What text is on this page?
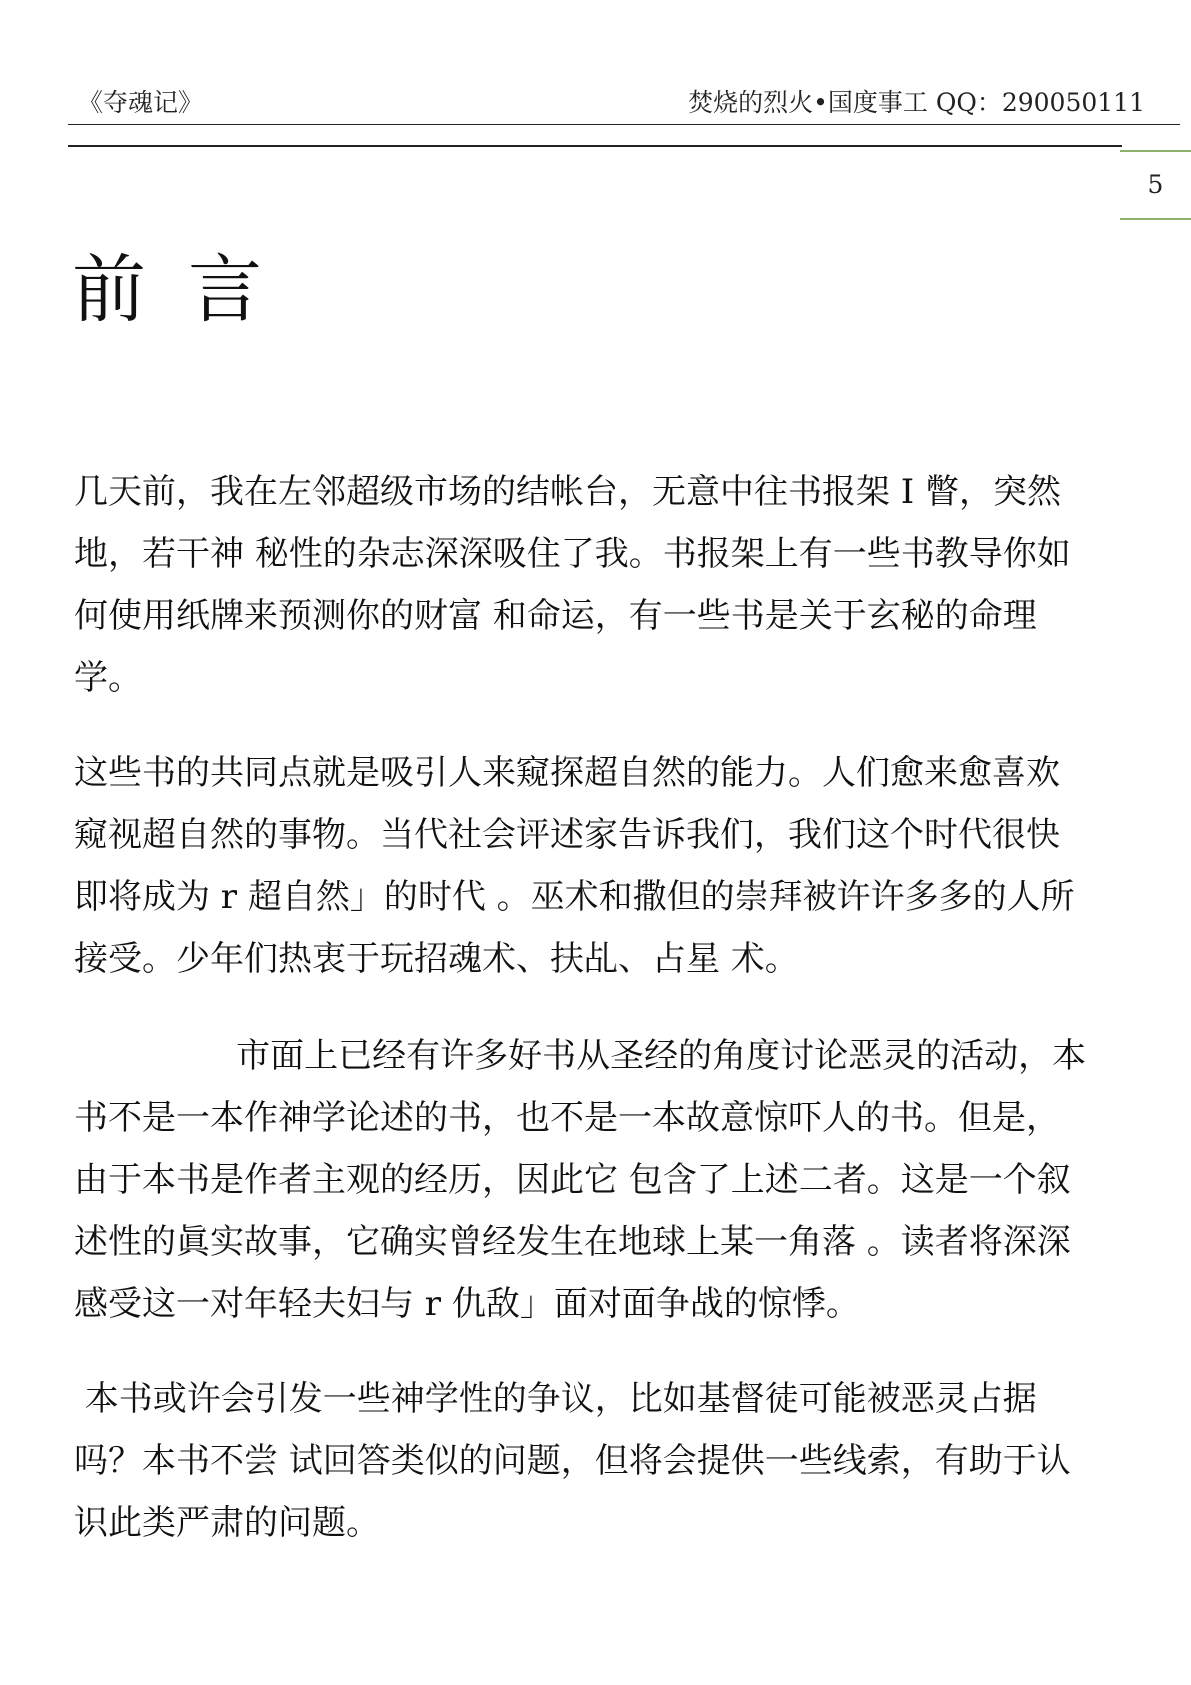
《夺魂记》	焚烧的烈火•国度事工 QQ：290050111
5
前言
几天前，我在左邻超级市场的结帐台，无意中往书报架 I 瞥，突然
地，若干神 秘性的杂志深深吸住了我。书报架上有一些书教导你如
何使用纸牌来预测你的财富 和命运，有一些书是关于玄秘的命理
学。
这些书的共同点就是吸引人来窥探超自然的能力。人们愈来愈喜欢
窥视超自然的事物。当代社会评述家告诉我们，我们这个时代很快
即将成为 r 超自然」的时代 。巫术和撒但的崇拜被许许多多的人所
接受。少年们热衷于玩招魂术、扶乩、占星 术。
市面上已经有许多好书从圣经的角度讨论恶灵的活动，本
书不是一本作神学论述的书，也不是一本故意惊吓人的书。但是，
由于本书是作者主观的经历，因此它 包含了上述二者。这是一个叙
述性的眞实故事，它确实曾经发生在地球上某一角落 。读者将深深
感受这一对年轻夫妇与 r 仇敌」面对面争战的惊悸。
本书或许会引发一些神学性的争议，比如基督徒可能被恶灵占据
吗？本书不尝 试回答类似的问题，但将会提供一些线索，有助于认
识此类严肃的问题。
